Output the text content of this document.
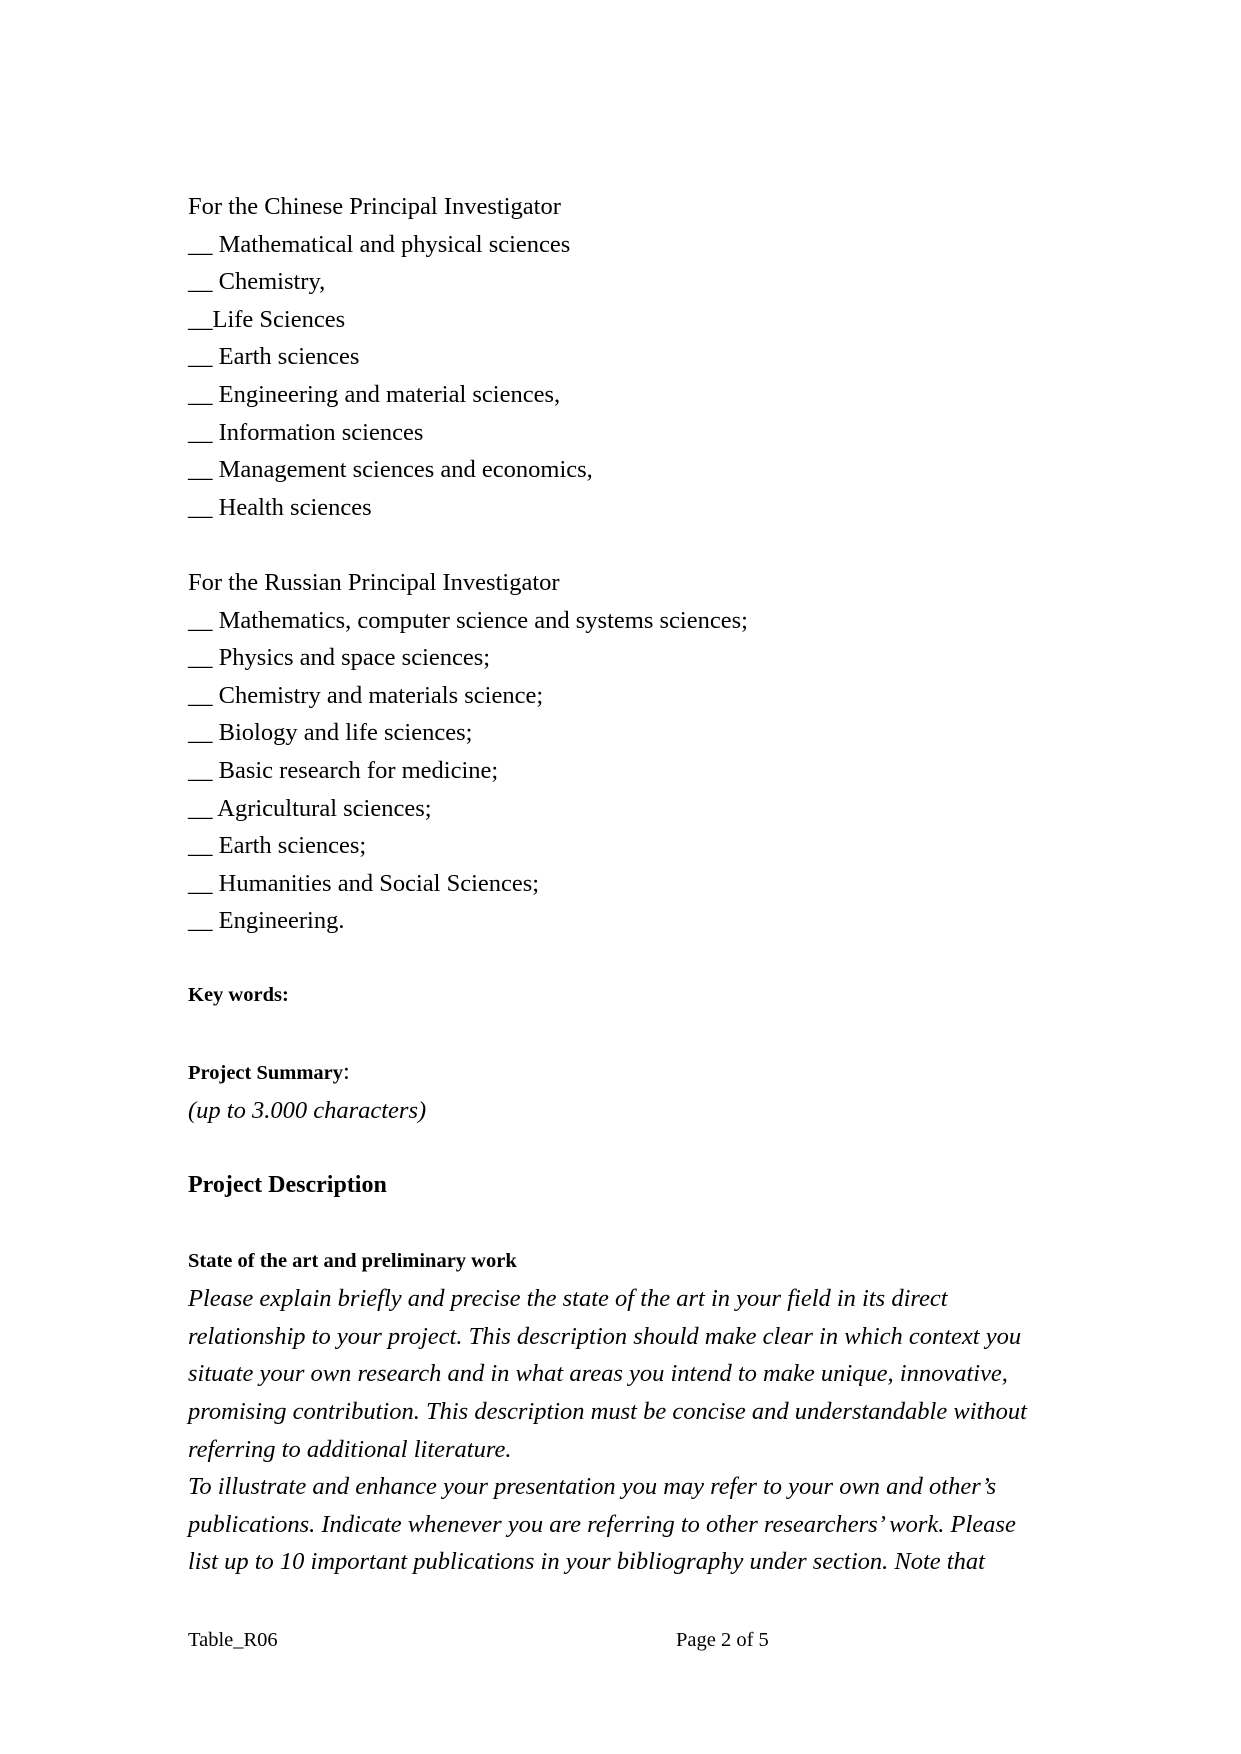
For the Chinese Principal Investigator
__ Mathematical and physical sciences
__ Chemistry,
__Life Sciences
__ Earth sciences
__ Engineering and material sciences,
__ Information sciences
__ Management sciences and economics,
__ Health sciences
For the Russian Principal Investigator
__ Mathematics, computer science and systems sciences;
__ Physics and space sciences;
__ Chemistry and materials science;
__ Biology and life sciences;
__ Basic research for medicine;
__ Agricultural sciences;
__ Earth sciences;
__ Humanities and Social Sciences;
__ Engineering.
Key words:
Project Summary:
(up to 3.000 characters)
Project Description
State of the art and preliminary work
Please explain briefly and precise the state of the art in your field in its direct
relationship to your project. This description should make clear in which context you
situate your own research and in what areas you intend to make unique, innovative,
promising contribution. This description must be concise and understandable without
referring to additional literature.
To illustrate and enhance your presentation you may refer to your own and other’s
publications. Indicate whenever you are referring to other researchers’ work. Please
list up to 10 important publications in your bibliography under section. Note that
Table_R06	Page 2 of 5
